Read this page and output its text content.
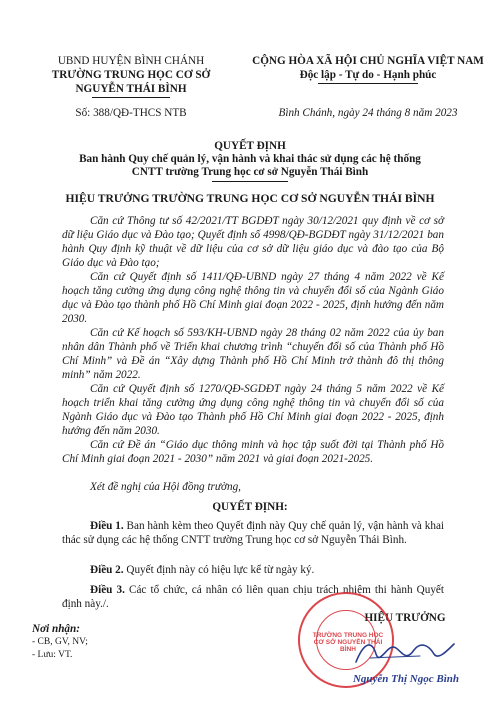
UBND HUYỆN BÌNH CHÁNH
TRƯỜNG TRUNG HỌC CƠ SỞ
NGUYỄN THÁI BÌNH
Số: 388/QĐ-THCS NTB
CỘNG HÒA XÃ HỘI CHỦ NGHĨA VIỆT NAM
Độc lập - Tự do - Hạnh phúc
Bình Chánh, ngày 24 tháng 8 năm 2023
QUYẾT ĐỊNH
Ban hành Quy chế quản lý, vận hành và khai thác sử dụng các hệ thống
CNTT trường Trung học cơ sở Nguyễn Thái Bình
HIỆU TRƯỞNG TRƯỜNG TRUNG HỌC CƠ SỞ NGUYỄN THÁI BÌNH
Căn cứ Thông tư số 42/2021/TT BGDĐT ngày 30/12/2021 quy định về cơ sở dữ liệu Giáo dục và Đào tạo; Quyết định số 4998/QĐ-BGDĐT ngày 31/12/2021 ban hành Quy định kỹ thuật về dữ liệu của cơ sở dữ liệu giáo dục và đào tạo của Bộ Giáo dục và Đào tạo;
Căn cứ Quyết định số 1411/QĐ-UBND ngày 27 tháng 4 năm 2022 về Kế hoạch tăng cường ứng dụng công nghệ thông tin và chuyển đổi số của Ngành Giáo dục và Đào tạo thành phố Hồ Chí Minh giai đoạn 2022 - 2025, định hướng đến năm 2030.
Căn cứ Kế hoạch số 593/KH-UBND ngày 28 tháng 02 năm 2022 của ủy ban nhân dân Thành phố về Triển khai chương trình “chuyển đổi số của Thành phố Hồ Chí Minh” và Đề án “Xây dựng Thành phố Hồ Chí Minh trở thành đô thị thông minh” năm 2022.
Căn cứ Quyết định số 1270/QĐ-SGDĐT ngày 24 tháng 5 năm 2022 về Kế hoạch triển khai tăng cường ứng dụng công nghệ thông tin và chuyển đổi số của Ngành Giáo dục và Đào tạo Thành phố Hồ Chí Minh giai đoạn 2022 - 2025, định hướng đến năm 2030.
Căn cứ Đề án “Giáo dục thông minh và học tập suốt đời tại Thành phố Hồ Chí Minh giai đoạn 2021 - 2030” năm 2021 và giai đoạn 2021-2025.
Xét đề nghị của Hội đồng trường,
QUYẾT ĐỊNH:
Điều 1. Ban hành kèm theo Quyết định này Quy chế quản lý, vận hành và khai thác sử dụng các hệ thống CNTT trường Trung học cơ sở Nguyễn Thái Bình.
Điều 2. Quyết định này có hiệu lực kể từ ngày ký.
Điều 3. Các tổ chức, cá nhân có liên quan chịu trách nhiệm thi hành Quyết định này./.
Nơi nhận:
- CB, GV, NV;
- Lưu: VT.
HIỆU TRƯỞNG
TRƯỜNG TRUNG HỌC CƠ SỞ NGUYỄN THÁI BÌNH
Nguyễn Thị Ngọc Bình
